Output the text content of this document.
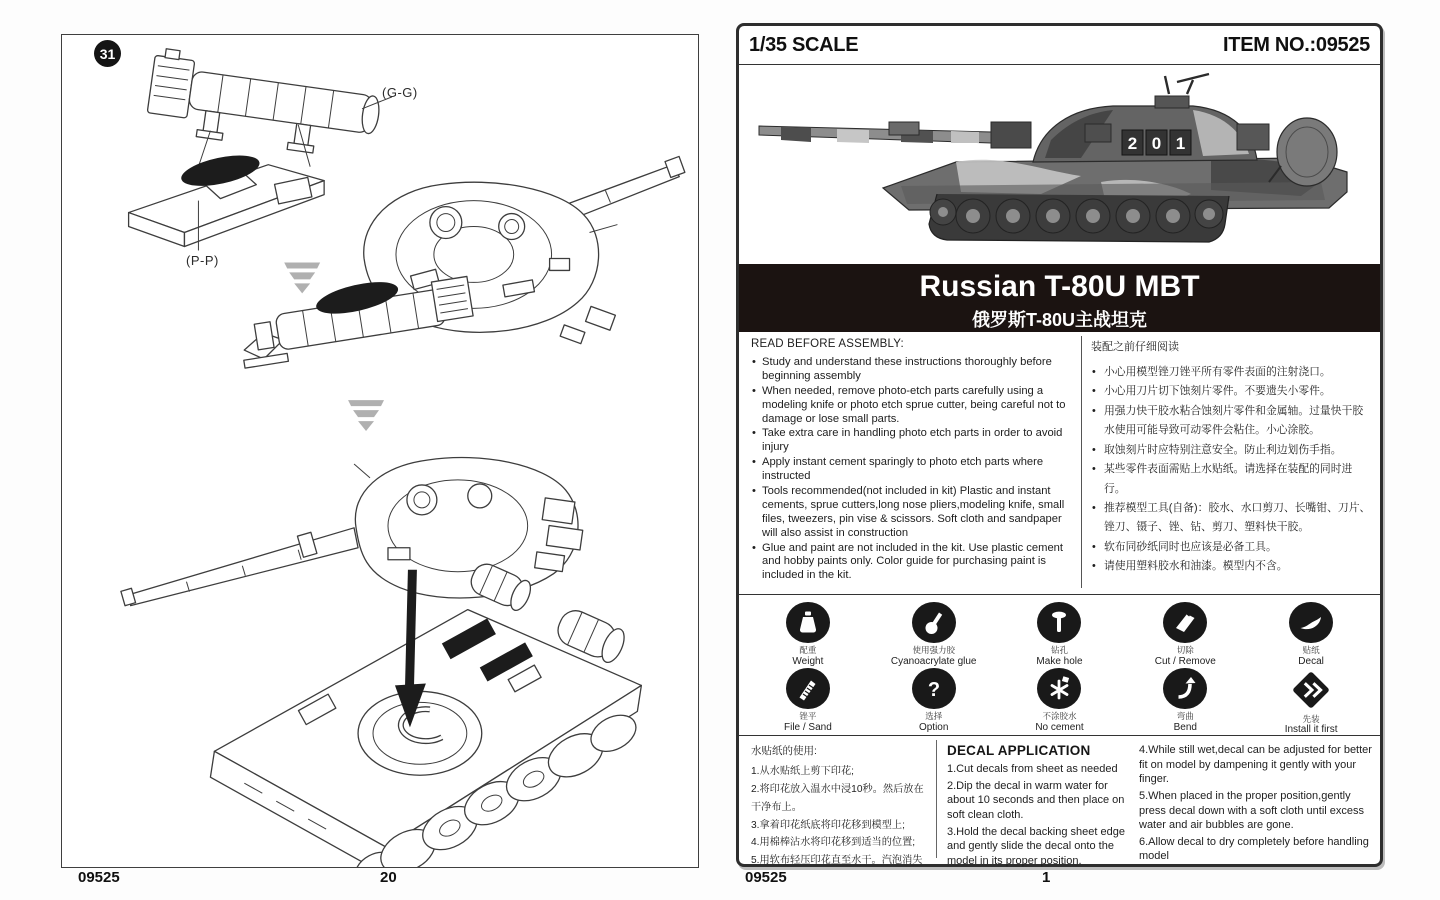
31
(G-G)
(P-P)
1/35 SCALE	ITEM NO.:09525
2 0 1
Russian T-80U MBT
俄罗斯T-80U主战坦克
READ BEFORE ASSEMBLY:
• Study and understand these instructions thoroughly before beginning assembly
• When needed, remove photo-etch parts carefully using a modeling knife or photo etch sprue cutter, being careful not to damage or lose small parts.
• Take extra care in handling photo etch parts in order to avoid injury
• Apply instant cement sparingly to photo etch parts where instructed
• Tools recommended(not included in kit) Plastic and instant cements, sprue cutters,long nose pliers,modeling knife, small files, tweezers, pin vise & scissors. Soft cloth and sandpaper will also assist in construction
• Glue and paint are not included in the kit. Use plastic cement and hobby paints only. Color guide for purchasing paint is included in the kit.
装配之前仔细阅读
• 小心用模型锉刀锉平所有零件表面的注射浇口。
• 小心用刀片切下蚀刻片零件。不要遗失小零件。
• 用强力快干胶水粘合蚀刻片零件和金属轴。过量快干胶水使用可能导致可动零件会粘住。小心涂胶。
• 取蚀刻片时应特别注意安全。防止利边划伤手指。
• 某些零件表面需贴上水贴纸。请选择在装配的同时进行。
• 推荐模型工具(自备)：胶水、水口剪刀、长嘴钳、刀片、锉刀、镊子、锉、钻、剪刀、塑料快干胶。
• 软布同砂纸同时也应该是必备工具。
• 请使用塑料胶水和油漆。模型内不含。
配重
Weight
使用强力胶
Cyanoacrylate glue
钻孔
Make hole
切除
Cut / Remove
贴纸
Decal
锉平
File / Sand
?
选择
Option
不涂胶水
No cement
弯曲
Bend
先装
Install it first
水贴纸的使用:
1.从水贴纸上剪下印花;
2.将印花放入温水中浸10秒。然后放在干净布上。
3.拿着印花纸底将印花移到模型上;
4.用棉棒沾水将印花移到适当的位置;
5.用软布轻压印花直至水干。汽泡消失
DECAL APPLICATION
1.Cut decals from sheet as needed
2.Dip the decal in warm water for about 10 seconds and then place on soft clean cloth.
3.Hold the decal backing sheet edge and gently slide the decal onto the model in its proper position.
4.While still wet,decal can be adjusted for better fit on model by dampening it gently with your finger.
5.When placed in the proper position,gently press decal down with a soft cloth until excess water and air bubbles are gone.
6.Allow decal to dry completely before handling model
09525	20	09525	1
